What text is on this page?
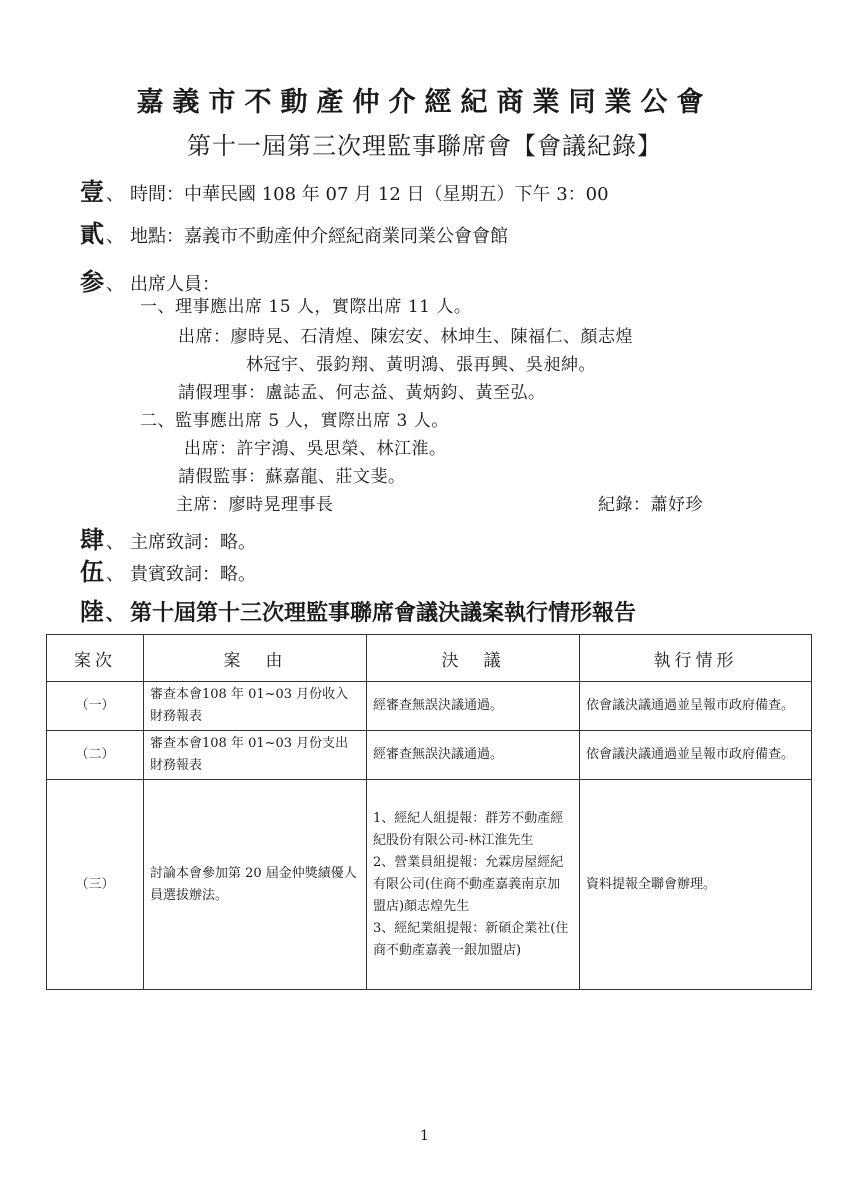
嘉義市不動產仲介經紀商業同業公會
第十一屆第三次理監事聯席會【會議紀錄】
壹、 時間：中華民國 108 年 07 月 12 日（星期五）下午 3：00
貳、 地點：嘉義市不動產仲介經紀商業同業公會會館
参、 出席人員：
一、理事應出席 15 人，實際出席 11 人。
出席：廖時晃、石清煌、陳宏安、林坤生、陳福仁、顏志煌
林冠宇、張鈞翔、黃明鴻、張再興、吳昶紳。
請假理事：盧誌孟、何志益、黃炳鈞、黃至弘。
二、監事應出席 5 人，實際出席 3 人。
出席：許宇鴻、吳思榮、林江淮。
請假監事：蘇嘉龍、莊文斐。
主席：廖時晃理事長	紀錄：蕭妤珍
肆、 主席致詞：略。
伍、 貴賓致詞：略。
陸、 第十屆第十三次理監事聯席會議決議案執行情形報告
案次	案　由	決　議	執行情形
（一）	審查本會108 年 01~03 月份收入財務報表	經審查無誤決議通過。	依會議決議通過並呈報市政府備查。
（二）	審查本會108 年 01~03 月份支出財務報表	經審查無誤決議通過。	依會議決議通過並呈報市政府備查。
（三）	討論本會參加第 20 屆金仲獎績優人員選拔辦法。	1、經紀人組提報：群芳不動產經紀股份有限公司-林江淮先生
2、營業員組提報：允霖房屋經紀有限公司(住商不動產嘉義南京加盟店)顏志煌先生
3、經紀業組提報：新碩企業社(住商不動產嘉義一銀加盟店)	資料提報全聯會辦理。
1
